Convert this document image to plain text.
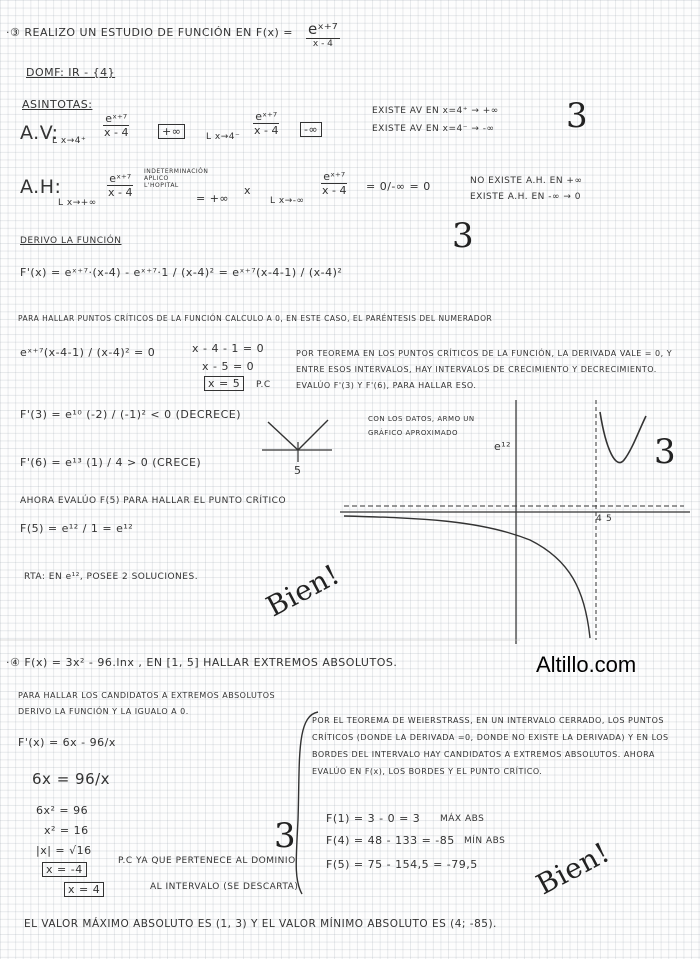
·③ REALIZO UN ESTUDIO DE FUNCIÓN EN F(x) = eˣ⁺⁷
x - 4
DOMF: IR - {4}
ASINTOTAS:
A.V:
L x→4⁺
$\frac{\text{eˣ⁺⁷}}{x - 4}$	+∞	L $x\to 4^- \frac{\text{eˣ⁺⁷}}{x - 4}$	-∞
EXISTE AV EN x=4⁺ → +∞
EXISTE AV EN x=4⁻ → -∞ 3
A.H:
L x→+∞
$\frac{\text{eˣ⁺⁷}}{x - 4}$
INDETERMINACIÓN APLICO L'HOPITAL
= +∞
x
L x→-∞
$\frac{\text{eˣ⁺⁷}}{x - 4} = 0/-\infty = 0$	NO EXISTE A.H. EN +∞
EXISTE A.H. EN -∞ → 0
3
DERIVO LA FUNCIÓN
F'(x) = eˣ⁺⁷·(x-4) - eˣ⁺⁷·1 / (x-4)² = eˣ⁺⁷(x-4-1) / (x-4)²
PARA HALLAR PUNTOS CRÍTICOS DE LA FUNCIÓN CALCULO A 0, EN ESTE CASO, EL PARÉNTESIS DEL NUMERADOR
eˣ⁺⁷(x-4-1) / (x-4)² = 0	x - 4 - 1 = 0
x - 5 = 0
x = 5	P.C
POR TEOREMA EN LOS PUNTOS CRÍTICOS DE LA FUNCIÓN, LA DERIVADA VALE = 0, Y ENTRE ESOS INTERVALOS, HAY INTERVALOS DE CRECIMIENTO Y DECRECIMIENTO. EVALÚO F'(3) Y F'(6), PARA HALLAR ESO.
F'(3) = e¹⁰ (-2) / (-1)² < 0 (DECRECE)
F'(6) = e¹³ (1) / 4 > 0 (CRECE)
AHORA EVALÚO F(5) PARA HALLAR EL PUNTO CRÍTICO
F(5) = e¹² / 1 = e¹²
RTA: EN e¹², POSEE 2 SOLUCIONES. Bien!
CON LOS DATOS, ARMO UN GRÁFICO APROXIMADO
e¹²
4 5
5	3
Altillo.com
·④ F(x) = 3x² - 96.lnx , EN [1, 5] HALLAR EXTREMOS ABSOLUTOS.
PARA HALLAR LOS CANDIDATOS A EXTREMOS ABSOLUTOS DERIVO LA FUNCIÓN Y LA IGUALO A 0.
F'(x) = 6x - 96/x
6x = 96/x
6x² = 96
x² = 16
|x| = √16
x = -4
x = 4
P.C YA QUE PERTENECE AL DOMINIO
AL INTERVALO (SE DESCARTA)
3
POR EL TEOREMA DE WEIERSTRASS, EN UN INTERVALO CERRADO, LOS PUNTOS CRÍTICOS (DONDE LA DERIVADA =0, DONDE NO EXISTE LA DERIVADA) Y EN LOS BORDES DEL INTERVALO HAY CANDIDATOS A EXTREMOS ABSOLUTOS. AHORA EVALÚO EN F(x), LOS BORDES Y EL PUNTO CRÍTICO.
F(1) = 3 - 0 = 3 MÁX ABS
F(4) = 48 - 133 = -85 MÍN ABS
F(5) = 75 - 154,5 = -79,5 Bien!
EL VALOR MÁXIMO ABSOLUTO ES (1, 3) Y EL VALOR MÍNIMO ABSOLUTO ES (4; -85).
